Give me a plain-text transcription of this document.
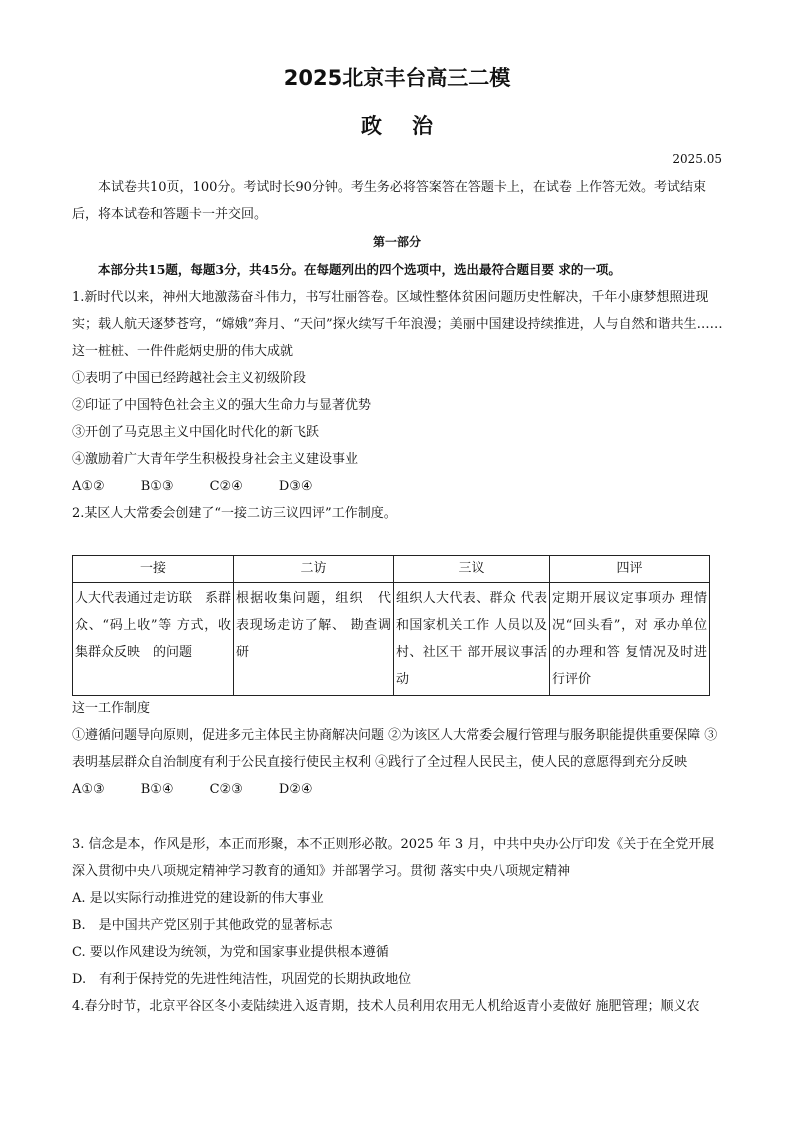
2025北京丰台高三二模
政治
2025.05
本试卷共10页，100分。考试时长90分钟。考生务必将答案答在答题卡上，在试卷 上作答无效。考试结束后，将本试卷和答题卡一并交回。
第一部分
本部分共15题，每题3分，共45分。在每题列出的四个选项中，选出最符合题目要 求的一项。
1.新时代以来，神州大地激荡奋斗伟力，书写壮丽答卷。区域性整体贫困问题历史性解决，千年小康梦想照进现实；载人航天逐梦苍穹，“嫦娥”奔月、“天问”探火续写千年浪漫；美丽中国建设持续推进，人与自然和谐共生……这一桩桩、一件件彪炳史册的伟大成就
①表明了中国已经跨越社会主义初级阶段
②印证了中国特色社会主义的强大生命力与显著优势
③开创了马克思主义中国化时代化的新飞跃
④激励着广大青年学生积极投身社会主义建设事业
A①②	B①③	C②④	D③④
2.某区人大常委会创建了“一接二访三议四评”工作制度。
一接	二访	三议	四评
人大代表通过走访联　系群众、“码上收”等 方式，收集群众反映　的问题	根据收集问题，组织　代表现场走访了解、 勘查调研	组织人大代表、群众 代表和国家机关工作 人员以及村、社区干 部开展议事活动	定期开展议定事项办 理情况“回头看”，对 承办单位的办理和答 复情况及时进行评价
这一工作制度
①遵循问题导向原则，促进多元主体民主协商解决问题 ②为该区人大常委会履行管理与服务职能提供重要保障 ③表明基层群众自治制度有利于公民直接行使民主权利 ④践行了全过程人民民主，使人民的意愿得到充分反映
A①③	B①④	C②③	D②④
3. 信念是本，作风是形，本正而形聚，本不正则形必散。2025 年 3 月，中共中央办公厅印发《关于在全党开展深入贯彻中央八项规定精神学习教育的通知》并部署学习。贯彻 落实中央八项规定精神
A. 是以实际行动推进党的建设新的伟大事业
B.　是中国共产党区别于其他政党的显著标志
C. 要以作风建设为统领，为党和国家事业提供根本遵循
D.　有利于保持党的先进性纯洁性，巩固党的长期执政地位
4.春分时节，北京平谷区冬小麦陆续进入返青期，技术人员利用农用无人机给返青小麦做好 施肥管理；顺义农
